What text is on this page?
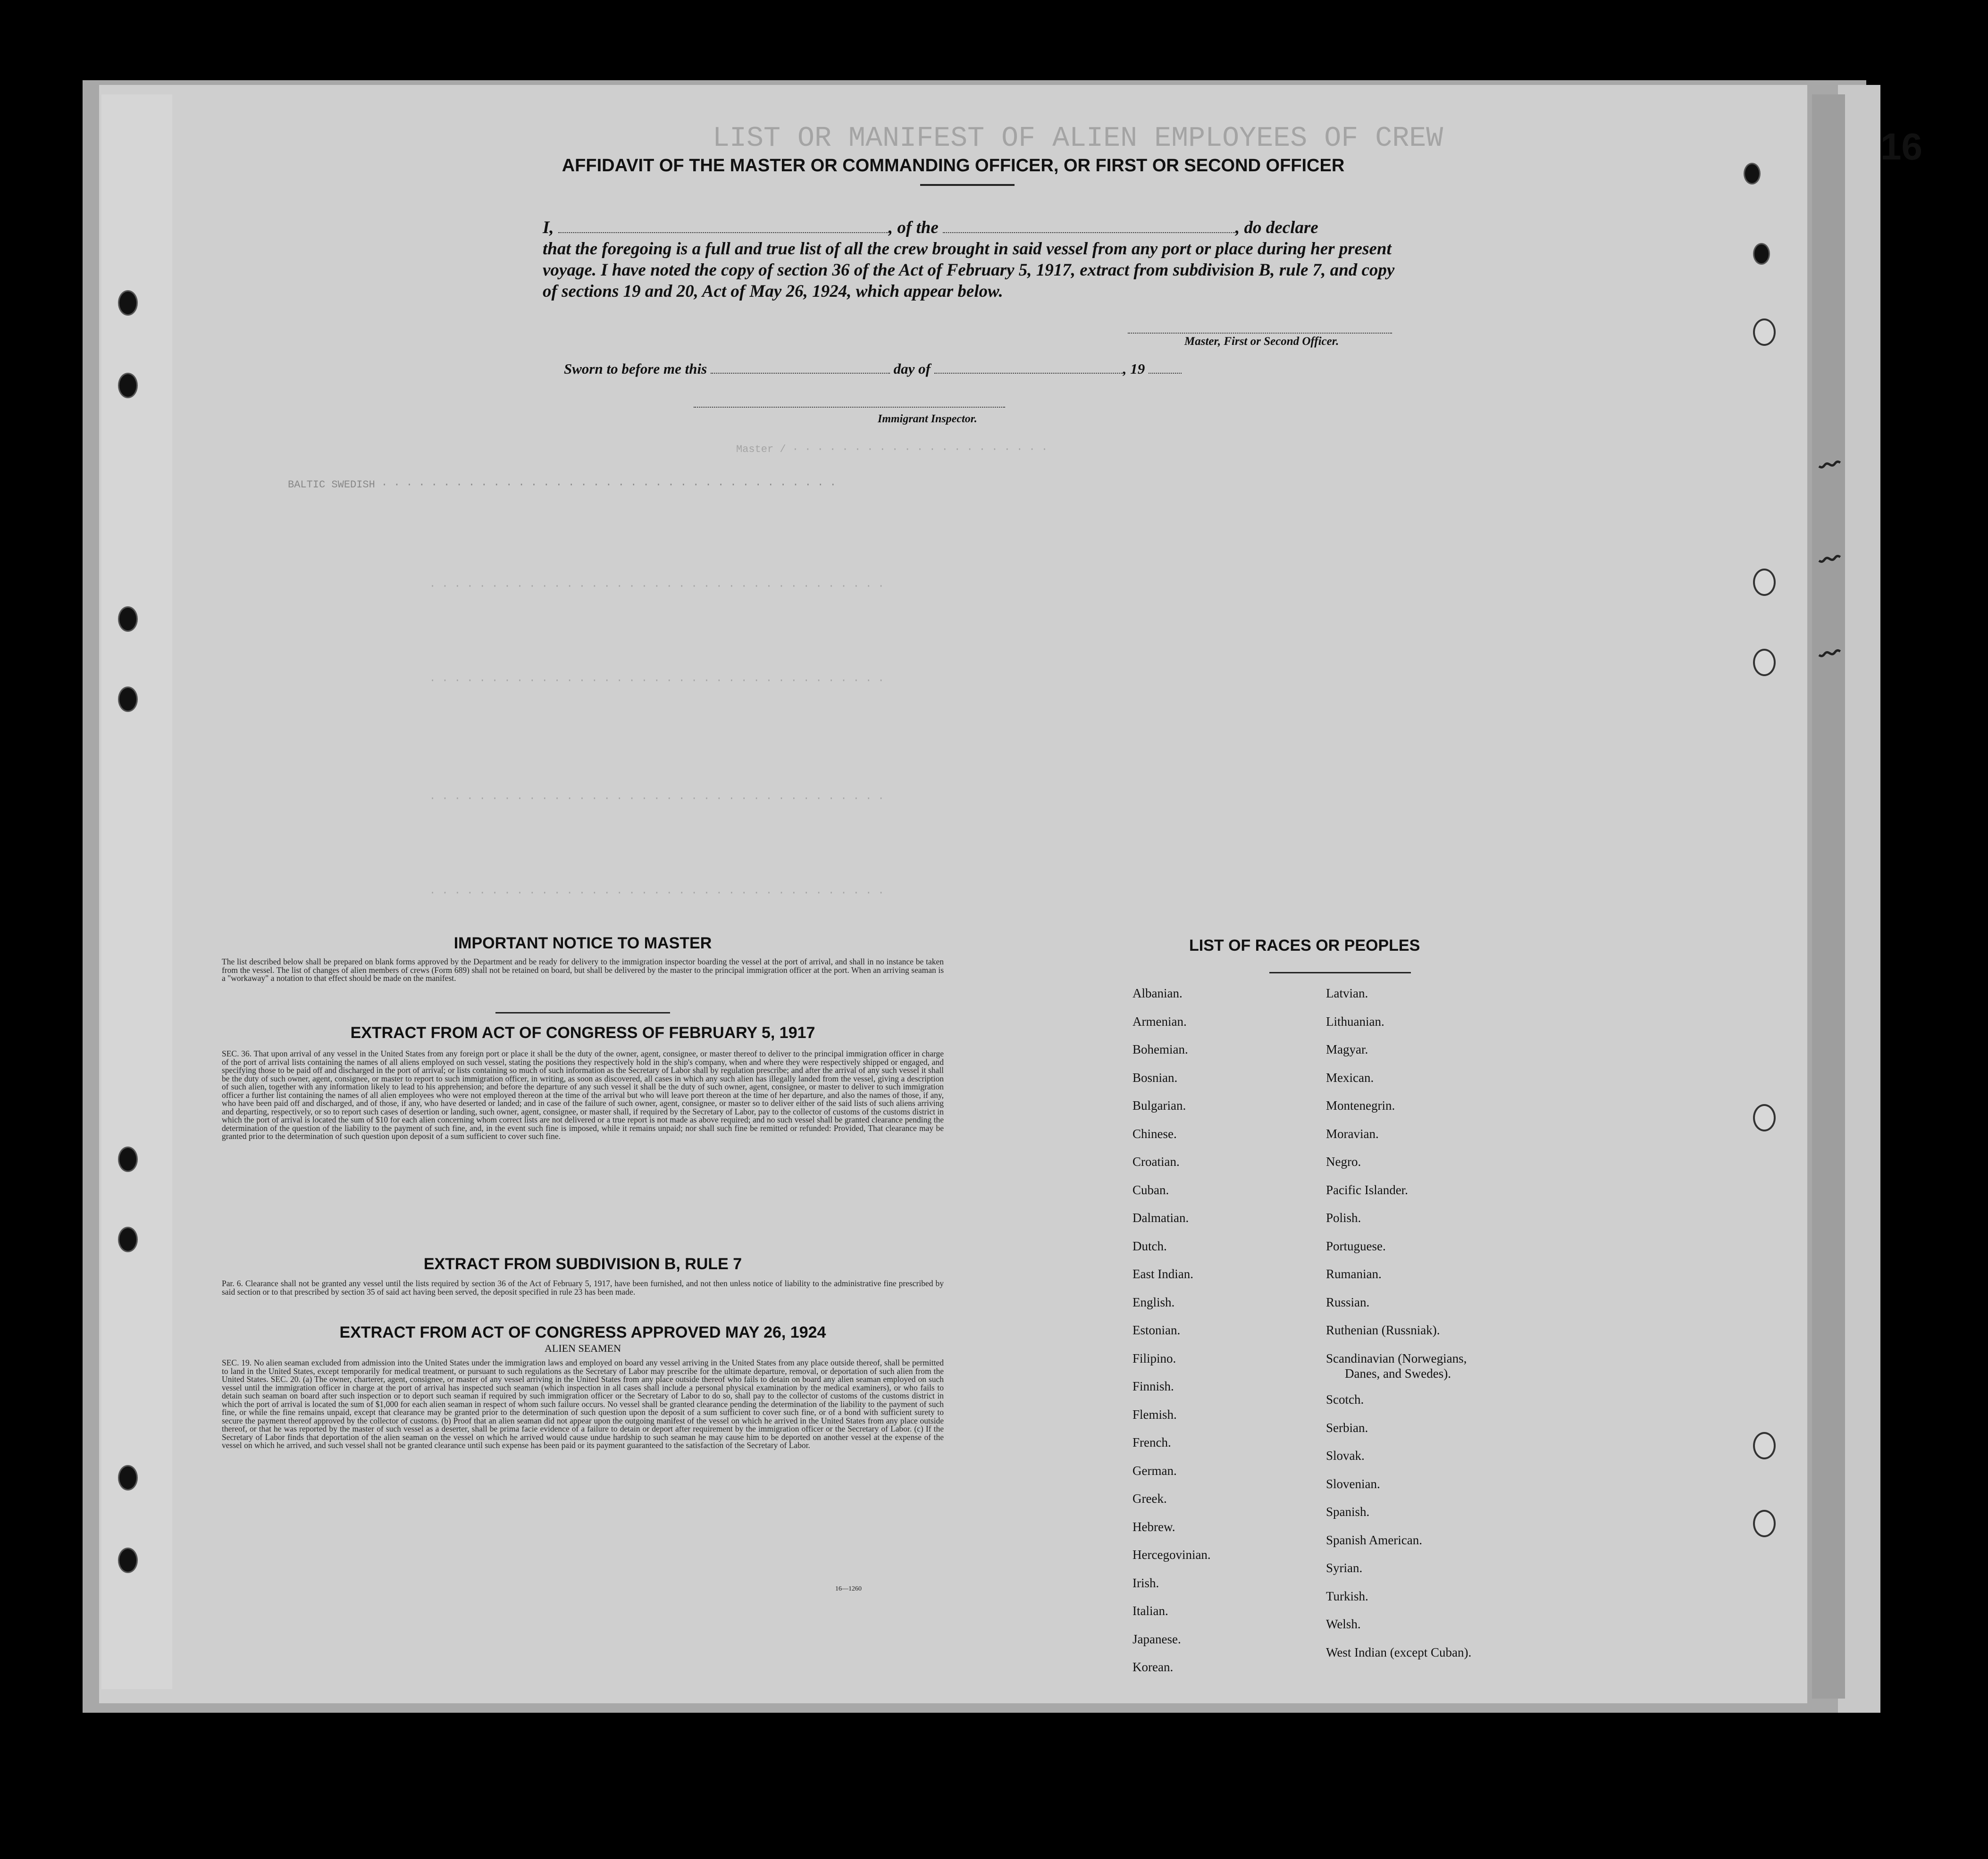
LIST OR MANIFEST OF ALIEN EMPLOYEES OF CREW
Master / · · · · · · · · · · · · · · · · · · · · ·
BALTIC SWEDISH · · · · · · · · · · · · · · · · · · · · · · · · · · · · · · · · · · · · ·
· · · · · · · · · · · · · · · · · · · · · · · · · · · · · · · · · · · · ·
· · · · · · · · · · · · · · · · · · · · · · · · · · · · · · · · · · · · ·
· · · · · · · · · · · · · · · · · · · · · · · · · · · · · · · · · · · · ·
· · · · · · · · · · · · · · · · · · · · · · · · · · · · · · · · · · · · ·
AFFIDAVIT OF THE MASTER OR COMMANDING OFFICER, OR FIRST OR SECOND OFFICER
I,	, of the	, do declare
that the foregoing is a full and true list of all the crew brought in said vessel from any port or place during her present
voyage. I have noted the copy of section 36 of the Act of February 5, 1917, extract from subdivision B, rule 7, and copy
of sections 19 and 20, Act of May 26, 1924, which appear below.
Master, First or Second Officer.
Sworn to before me this	day of	, 19
Immigrant Inspector.
IMPORTANT NOTICE TO MASTER
The list described below shall be prepared on blank forms approved by the Department and be ready for delivery to the immigration inspector boarding the vessel at the port of arrival, and shall in no instance be taken from the vessel. The list of changes of alien members of crews (Form 689) shall not be retained on board, but shall be delivered by the master to the principal immigration officer at the port. When an arriving seaman is a "workaway" a notation to that effect should be made on the manifest.
EXTRACT FROM ACT OF CONGRESS OF FEBRUARY 5, 1917
SEC. 36. That upon arrival of any vessel in the United States from any foreign port or place it shall be the duty of the owner, agent, consignee, or master thereof to deliver to the principal immigration officer in charge of the port of arrival lists containing the names of all aliens employed on such vessel, stating the positions they respectively hold in the ship's company, when and where they were respectively shipped or engaged, and specifying those to be paid off and discharged in the port of arrival; or lists containing so much of such information as the Secretary of Labor shall by regulation prescribe; and after the arrival of any such vessel it shall be the duty of such owner, agent, consignee, or master to report to such immigration officer, in writing, as soon as discovered, all cases in which any such alien has illegally landed from the vessel, giving a description of such alien, together with any information likely to lead to his apprehension; and before the departure of any such vessel it shall be the duty of such owner, agent, consignee, or master to deliver to such immigration officer a further list containing the names of all alien employees who were not employed thereon at the time of the arrival but who will leave port thereon at the time of her departure, and also the names of those, if any, who have been paid off and discharged, and of those, if any, who have deserted or landed; and in case of the failure of such owner, agent, consignee, or master so to deliver either of the said lists of such aliens arriving and departing, respectively, or so to report such cases of desertion or landing, such owner, agent, consignee, or master shall, if required by the Secretary of Labor, pay to the collector of customs of the customs district in which the port of arrival is located the sum of $10 for each alien concerning whom correct lists are not delivered or a true report is not made as above required; and no such vessel shall be granted clearance pending the determination of the question of the liability to the payment of such fine, and, in the event such fine is imposed, while it remains unpaid; nor shall such fine be remitted or refunded: Provided, That clearance may be granted prior to the determination of such question upon deposit of a sum sufficient to cover such fine.
EXTRACT FROM SUBDIVISION B, RULE 7
Par. 6. Clearance shall not be granted any vessel until the lists required by section 36 of the Act of February 5, 1917, have been furnished, and not then unless notice of liability to the administrative fine prescribed by said section or to that prescribed by section 35 of said act having been served, the deposit specified in rule 23 has been made.
EXTRACT FROM ACT OF CONGRESS APPROVED MAY 26, 1924
ALIEN SEAMEN
SEC. 19. No alien seaman excluded from admission into the United States under the immigration laws and employed on board any vessel arriving in the United States from any place outside thereof, shall be permitted to land in the United States, except temporarily for medical treatment, or pursuant to such regulations as the Secretary of Labor may prescribe for the ultimate departure, removal, or deportation of such alien from the United States. SEC. 20. (a) The owner, charterer, agent, consignee, or master of any vessel arriving in the United States from any place outside thereof who fails to detain on board any alien seaman employed on such vessel until the immigration officer in charge at the port of arrival has inspected such seaman (which inspection in all cases shall include a personal physical examination by the medical examiners), or who fails to detain such seaman on board after such inspection or to deport such seaman if required by such immigration officer or the Secretary of Labor to do so, shall pay to the collector of customs of the customs district in which the port of arrival is located the sum of $1,000 for each alien seaman in respect of whom such failure occurs. No vessel shall be granted clearance pending the determination of the liability to the payment of such fine, or while the fine remains unpaid, except that clearance may be granted prior to the determination of such question upon the deposit of a sum sufficient to cover such fine, or of a bond with sufficient surety to secure the payment thereof approved by the collector of customs. (b) Proof that an alien seaman did not appear upon the outgoing manifest of the vessel on which he arrived in the United States from any place outside thereof, or that he was reported by the master of such vessel as a deserter, shall be prima facie evidence of a failure to detain or deport after requirement by the immigration officer or the Secretary of Labor. (c) If the Secretary of Labor finds that deportation of the alien seaman on the vessel on which he arrived would cause undue hardship to such seaman he may cause him to be deported on another vessel at the expense of the vessel on which he arrived, and such vessel shall not be granted clearance until such expense has been paid or its payment guaranteed to the satisfaction of the Secretary of Labor.
16—1260
LIST OF RACES OR PEOPLES
Albanian.
Armenian.
Bohemian.
Bosnian.
Bulgarian.
Chinese.
Croatian.
Cuban.
Dalmatian.
Dutch.
East Indian.
English.
Estonian.
Filipino.
Finnish.
Flemish.
French.
German.
Greek.
Hebrew.
Hercegovinian.
Irish.
Italian.
Japanese.
Korean.
Latvian.
Lithuanian.
Magyar.
Mexican.
Montenegrin.
Moravian.
Negro.
Pacific Islander.
Polish.
Portuguese.
Rumanian.
Russian.
Ruthenian (Russniak).
Scandinavian (Norwegians,
Danes, and Swedes).
Scotch.
Serbian.
Slovak.
Slovenian.
Spanish.
Spanish American.
Syrian.
Turkish.
Welsh.
West Indian (except Cuban).
⌇
⌇
⌇
16
